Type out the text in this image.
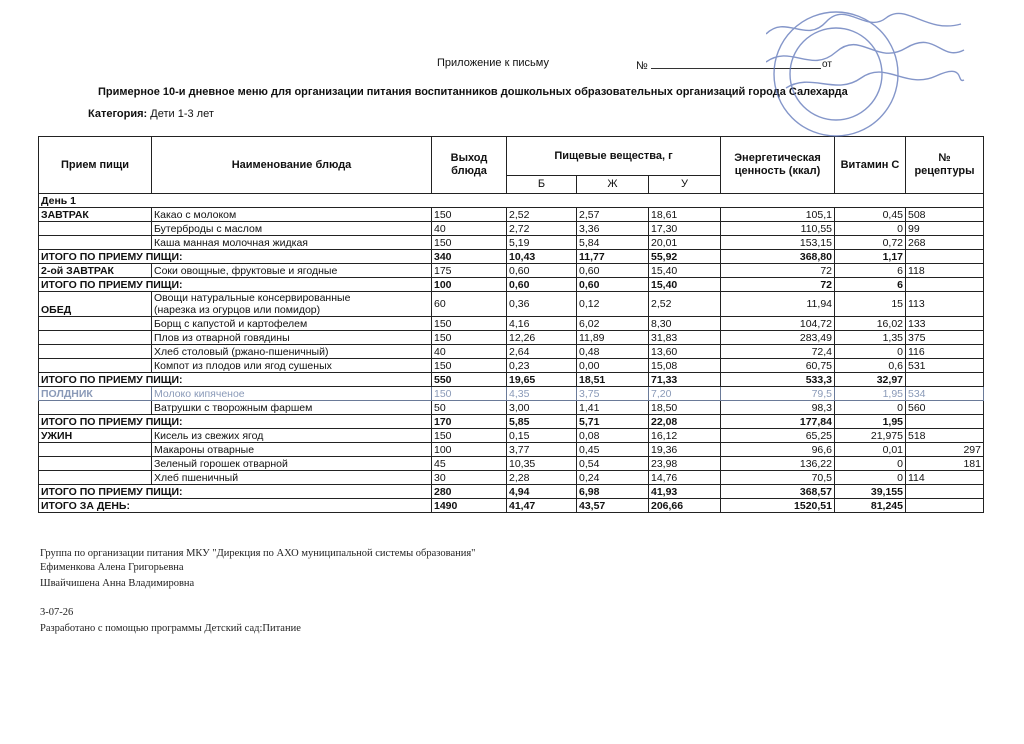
Приложение к письму	№	от
Примерное 10-и дневное меню для организации питания воспитанников дошкольных образовательных организаций города Салехарда
Категория: Дети 1-3 лет
Прием пищи	Наименование блюда	Выход блюда	Пищевые вещества, г			Энергетическая ценность (ккал)	Витамин С	№ рецептуры
			Б	Ж	У			
День 1								
ЗАВТРАК	Какао с молоком	150	2,52	2,57	18,61	105,1	0,45	508
	Бутерброды с маслом	40	2,72	3,36	17,30	110,55	0	99
	Каша манная молочная жидкая	150	5,19	5,84	20,01	153,15	0,72	268
ИТОГО ПО ПРИЕМУ ПИЩИ:		340	10,43	11,77	55,92	368,80	1,17	
2-ой ЗАВТРАК	Соки овощные, фруктовые и ягодные	175	0,60	0,60	15,40	72	6	118
ИТОГО ПО ПРИЕМУ ПИЩИ:		100	0,60	0,60	15,40	72	6	
ОБЕД	Овощи натуральные консервированные
(нарезка из огурцов или помидор)	60	0,36	0,12	2,52	11,94	15	113
	Борщ с капустой и картофелем	150	4,16	6,02	8,30	104,72	16,02	133
	Плов из отварной говядины	150	12,26	11,89	31,83	283,49	1,35	375
	Хлеб столовый (ржано-пшеничный)	40	2,64	0,48	13,60	72,4	0	116
	Компот из плодов или ягод сушеных	150	0,23	0,00	15,08	60,75	0,6	531
ИТОГО ПО ПРИЕМУ ПИЩИ:		550	19,65	18,51	71,33	533,3	32,97	
ПОЛДНИК	Молоко кипяченое	150	4,35	3,75	7,20	79,5	1,95	534
	Ватрушки с творожным фаршем	50	3,00	1,41	18,50	98,3	0	560
ИТОГО ПО ПРИЕМУ ПИЩИ:		170	5,85	5,71	22,08	177,84	1,95	
УЖИН	Кисель из свежих ягод	150	0,15	0,08	16,12	65,25	21,975	518
	Макароны отварные	100	3,77	0,45	19,36	96,6	0,01	297
	Зеленый горошек отварной	45	10,35	0,54	23,98	136,22	0	181
	Хлеб пшеничный	30	2,28	0,24	14,76	70,5	0	114
ИТОГО ПО ПРИЕМУ ПИЩИ:		280	4,94	6,98	41,93	368,57	39,155	
ИТОГО ЗА ДЕНЬ:		1490	41,47	43,57	206,66	1520,51	81,245	
Группа по организации питания МКУ "Дирекция по АХО муниципальной системы образования"
Ефименкова Алена Григорьевна
Швайчишена Анна Владимировна
3-07-26
Разработано с помощью программы Детский сад:Питание
